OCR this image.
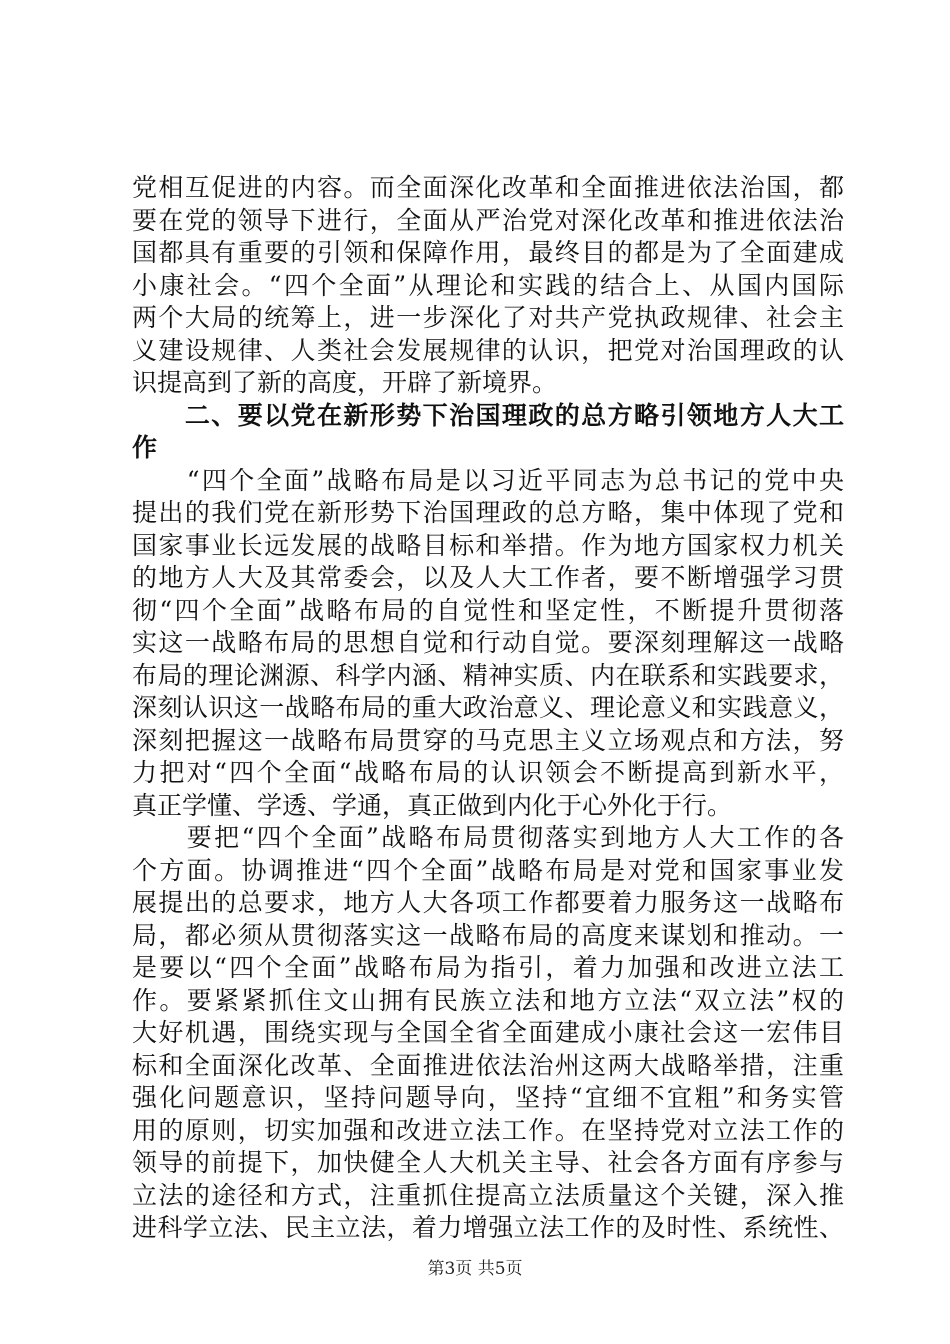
党相互促进的内容。而全面深化改革和全面推进依法治国，都
要在党的领导下进行，全面从严治党对深化改革和推进依法治
国都具有重要的引领和保障作用，最终目的都是为了全面建成
小康社会。“四个全面”从理论和实践的结合上、从国内国际
两个大局的统筹上，进一步深化了对共产党执政规律、社会主
义建设规律、人类社会发展规律的认识，把党对治国理政的认
识提高到了新的高度，开辟了新境界。
　　二、要以党在新形势下治国理政的总方略引领地方人大工
作
　　“四个全面”战略布局是以习近平同志为总书记的党中央
提出的我们党在新形势下治国理政的总方略，集中体现了党和
国家事业长远发展的战略目标和举措。作为地方国家权力机关
的地方人大及其常委会，以及人大工作者，要不断增强学习贯
彻“四个全面”战略布局的自觉性和坚定性，不断提升贯彻落
实这一战略布局的思想自觉和行动自觉。要深刻理解这一战略
布局的理论渊源、科学内涵、精神实质、内在联系和实践要求，
深刻认识这一战略布局的重大政治意义、理论意义和实践意义，
深刻把握这一战略布局贯穿的马克思主义立场观点和方法，努
力把对“四个全面“战略布局的认识领会不断提高到新水平，
真正学懂、学透、学通，真正做到内化于心外化于行。
　　要把“四个全面”战略布局贯彻落实到地方人大工作的各
个方面。协调推进“四个全面”战略布局是对党和国家事业发
展提出的总要求，地方人大各项工作都要着力服务这一战略布
局，都必须从贯彻落实这一战略布局的高度来谋划和推动。一
是要以“四个全面”战略布局为指引，着力加强和改进立法工
作。要紧紧抓住文山拥有民族立法和地方立法“双立法”权的
大好机遇，围绕实现与全国全省全面建成小康社会这一宏伟目
标和全面深化改革、全面推进依法治州这两大战略举措，注重
强化问题意识，坚持问题导向，坚持“宜细不宜粗”和务实管
用的原则，切实加强和改进立法工作。在坚持党对立法工作的
领导的前提下，加快健全人大机关主导、社会各方面有序参与
立法的途径和方式，注重抓住提高立法质量这个关键，深入推
进科学立法、民主立法，着力增强立法工作的及时性、系统性、
第3页 共5页
